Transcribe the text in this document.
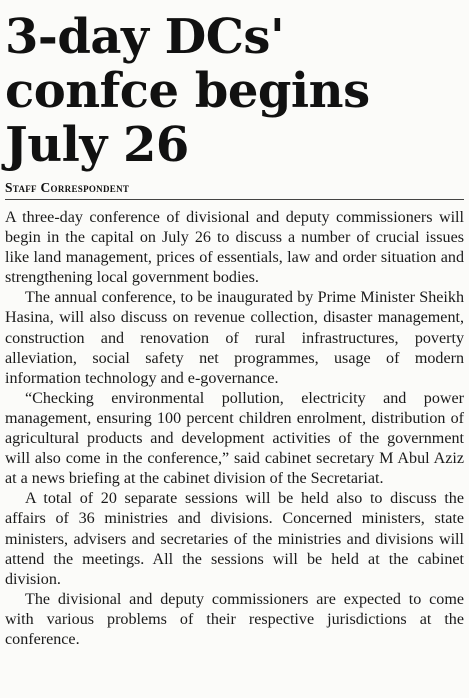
3-day DCs' confce begins July 26
Staff Correspondent

A three-day conference of divisional and deputy commissioners will begin in the capital on July 26 to discuss a number of crucial issues like land management, prices of essentials, law and order situation and strengthening local government bodies.

The annual conference, to be inaugurated by Prime Minister Sheikh Hasina, will also discuss on revenue collection, disaster management, construction and renovation of rural infrastructures, poverty alleviation, social safety net programmes, usage of modern information technology and e-governance.

“Checking environmental pollution, electricity and power management, ensuring 100 percent children enrolment, distribution of agricultural products and development activities of the government will also come in the conference,” said cabinet secretary M Abul Aziz at a news briefing at the cabinet division of the Secretariat.

A total of 20 separate sessions will be held also to discuss the affairs of 36 ministries and divisions. Concerned ministers, state ministers, advisers and secretaries of the ministries and divisions will attend the meetings. All the sessions will be held at the cabinet division.

The divisional and deputy commissioners are expected to come with various problems of their respective jurisdictions at the conference.
